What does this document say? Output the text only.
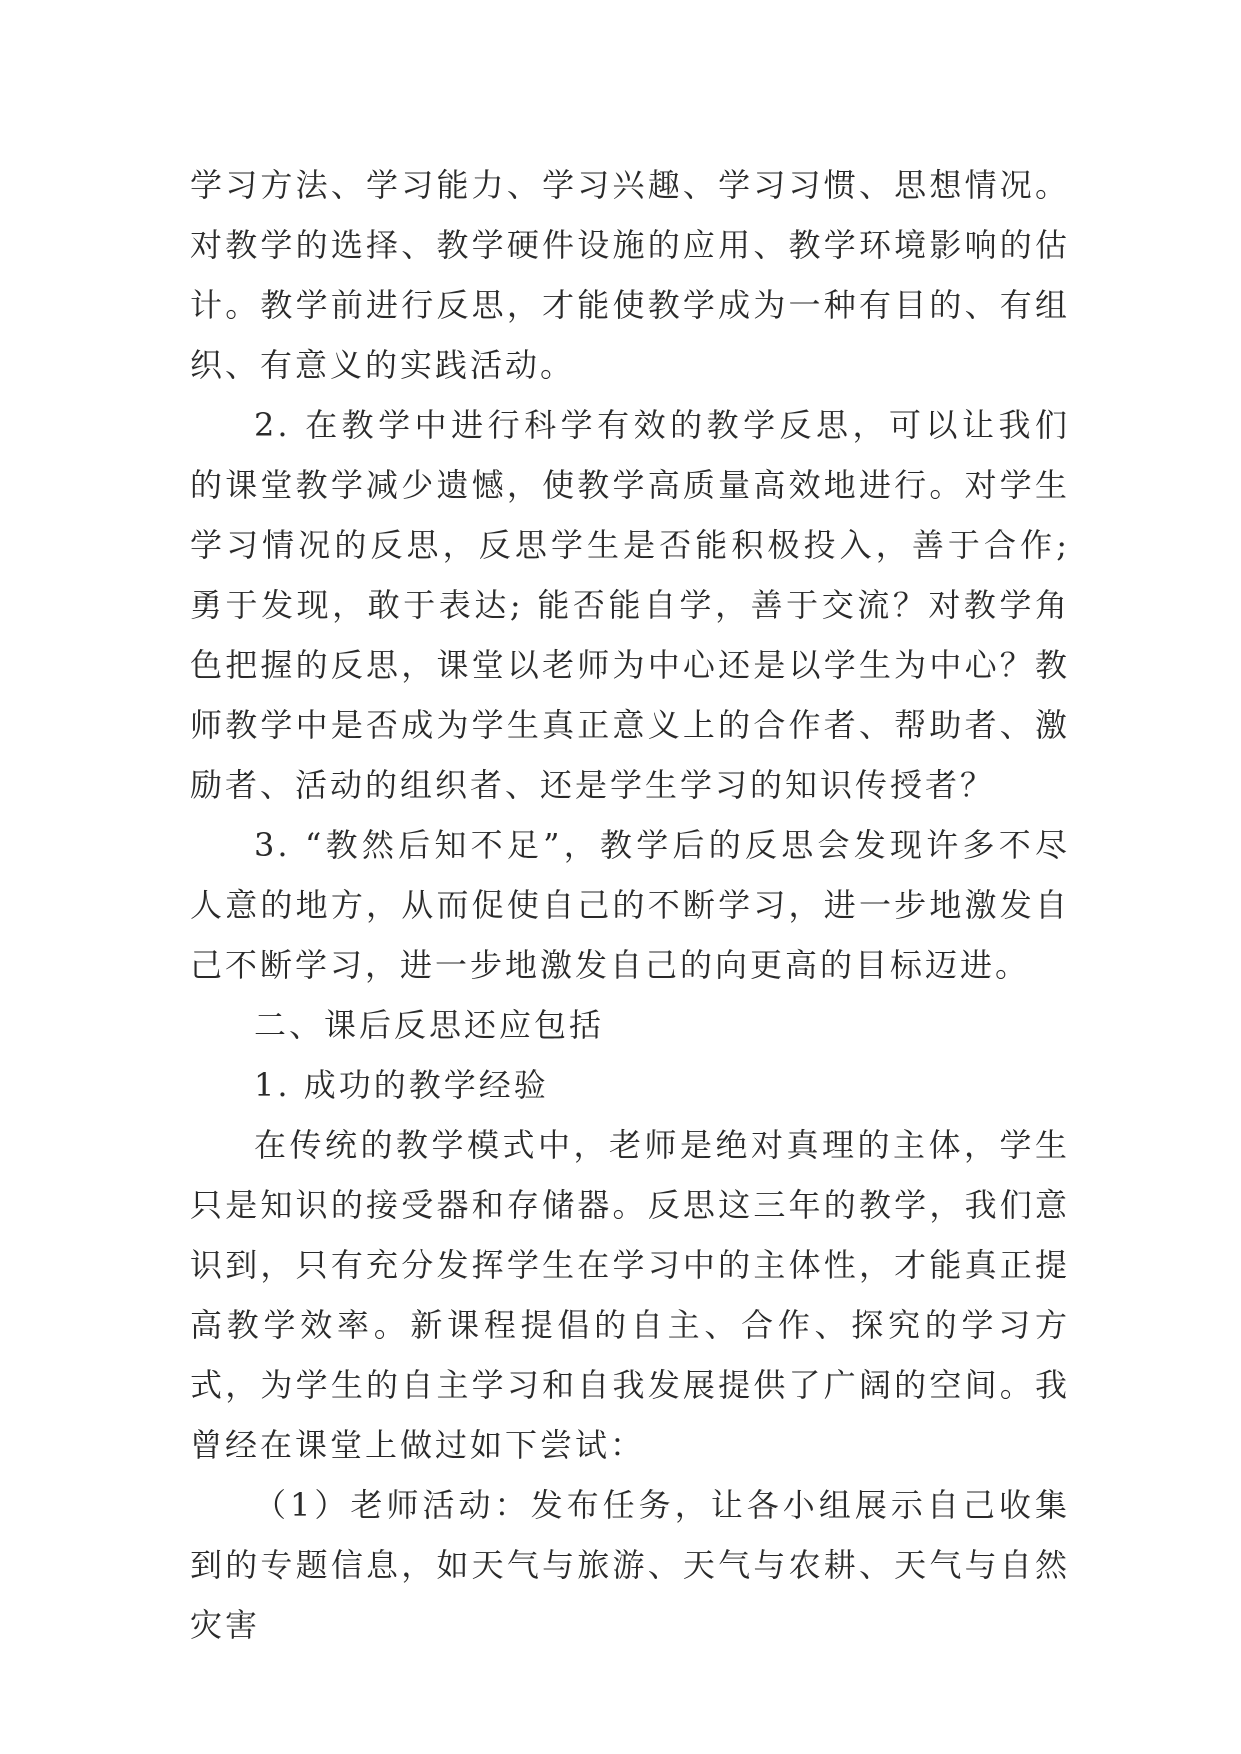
学习方法、学习能力、学习兴趣、学习习惯、思想情况。对教学的选择、教学硬件设施的应用、教学环境影响的估计。教学前进行反思，才能使教学成为一种有目的、有组织、有意义的实践活动。

2. 在教学中进行科学有效的教学反思，可以让我们的课堂教学减少遗憾，使教学高质量高效地进行。对学生学习情况的反思，反思学生是否能积极投入，善于合作; 勇于发现，敢于表达; 能否能自学，善于交流？对教学角色把握的反思，课堂以老师为中心还是以学生为中心？教师教学中是否成为学生真正意义上的合作者、帮助者、激励者、活动的组织者、还是学生学习的知识传授者？

3. “教然后知不足”，教学后的反思会发现许多不尽人意的地方，从而促使自己的不断学习，进一步地激发自己不断学习，进一步地激发自己的向更高的目标迈进。

二、课后反思还应包括

1. 成功的教学经验

在传统的教学模式中，老师是绝对真理的主体，学生只是知识的接受器和存储器。反思这三年的教学，我们意识到，只有充分发挥学生在学习中的主体性，才能真正提高教学效率。新课程提倡的自主、合作、探究的学习方式，为学生的自主学习和自我发展提供了广阔的空间。我曾经在课堂上做过如下尝试：

（1）老师活动：发布任务，让各小组展示自己收集到的专题信息，如天气与旅游、天气与农耕、天气与自然灾害
